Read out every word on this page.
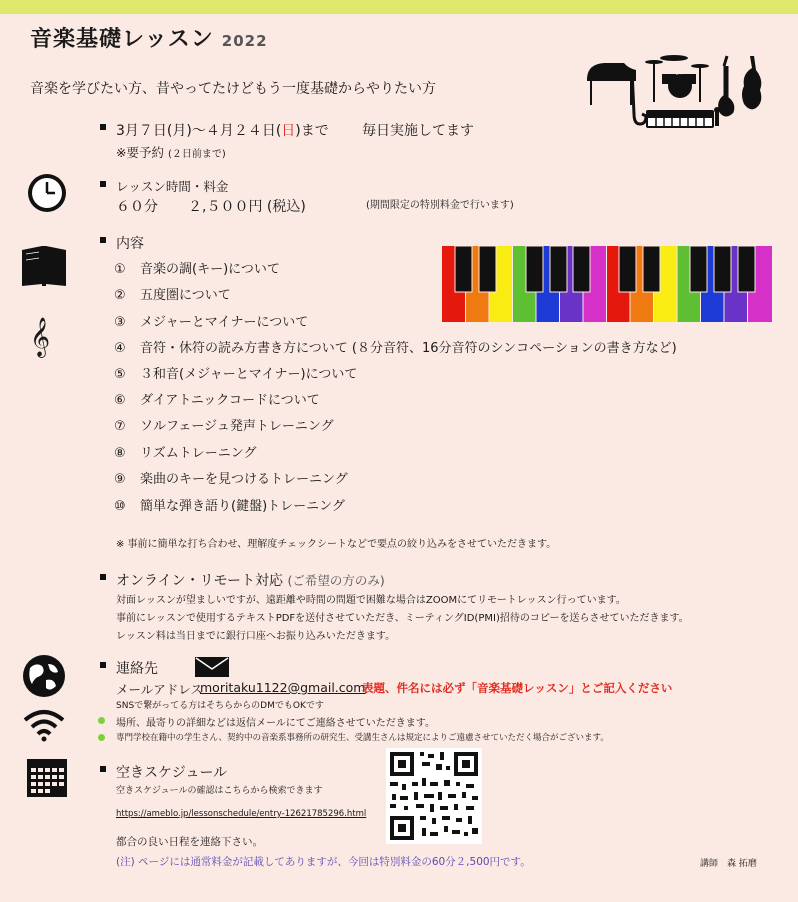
音楽基礎レッスン 2022
音楽を学びたい方、昔やってたけどもう一度基礎からやりたい方
3月７日(月)〜４月２４日(日)まで 毎日実施してます
※要予約 (２日前まで)
レッスン時間・料金
６０分 ２,５００円 (税込)	(期間限定の特別料金で行います)
𝄞
内容
① 音楽の調(キー)について
② 五度圏について
③ メジャーとマイナーについて
④ 音符・休符の読み方書き方について (８分音符、16分音符のシンコペーションの書き方など)
⑤ ３和音(メジャーとマイナー)について
⑥ ダイアトニックコードについて
⑦ ソルフェージュ発声トレーニング
⑧ リズムトレーニング
⑨ 楽曲のキーを見つけるトレーニング
⑩ 簡単な弾き語り(鍵盤)トレーニング
※ 事前に簡単な打ち合わせ、理解度チェックシートなどで要点の絞り込みをさせていただきます。
オンライン・リモート対応 (ご希望の方のみ)
対面レッスンが望ましいですが、遠距離や時間の問題で困難な場合はZOOMにてリモートレッスン行っています。
事前にレッスンで使用するテキストPDFを送付させていただき、ミーティングID(PMI)招待のコピーを送らさせていただきます。
レッスン料は当日までに銀行口座へお振り込みいただきます。
連絡先
メールアドレス
moritaku1122@gmail.com
表題、件名には必ず「音楽基礎レッスン」とご記入ください
SNSで繋がってる方はそちらからのDMでもOKです
場所、最寄りの詳細などは返信メールにてご連絡させていただきます。
専門学校在籍中の学生さん、契約中の音楽系事務所の研究生、受講生さんは規定によりご遠慮させていただく場合がございます。
空きスケジュール
空きスケジュールの確認はこちらから検索できます
https://ameblo.jp/lessonschedule/entry-12621785296.html
都合の良い日程を連絡下さい。
(注) ページには通常料金が記載してありますが、今回は特別料金の60分２,500円です。	講師　森 拓磨
